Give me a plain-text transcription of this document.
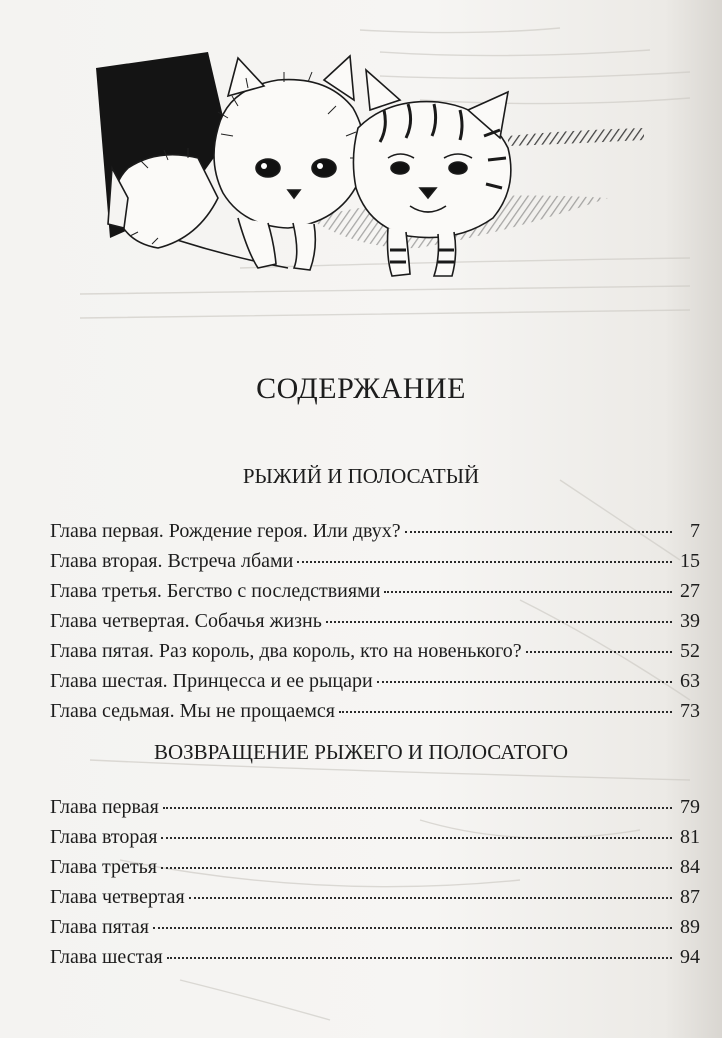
СОДЕРЖАНИЕ
РЫЖИЙ И ПОЛОСАТЫЙ
Глава первая. Рождение героя. Или двух?	7
Глава вторая. Встреча лбами	15
Глава третья. Бегство с последствиями	27
Глава четвертая. Собачья жизнь	39
Глава пятая. Раз король, два король, кто на новенького?	52
Глава шестая. Принцесса и ее рыцари	63
Глава седьмая. Мы не прощаемся	73
ВОЗВРАЩЕНИЕ РЫЖЕГО И ПОЛОСАТОГО
Глава первая	79
Глава вторая	81
Глава третья	84
Глава четвертая	87
Глава пятая	89
Глава шестая	94
